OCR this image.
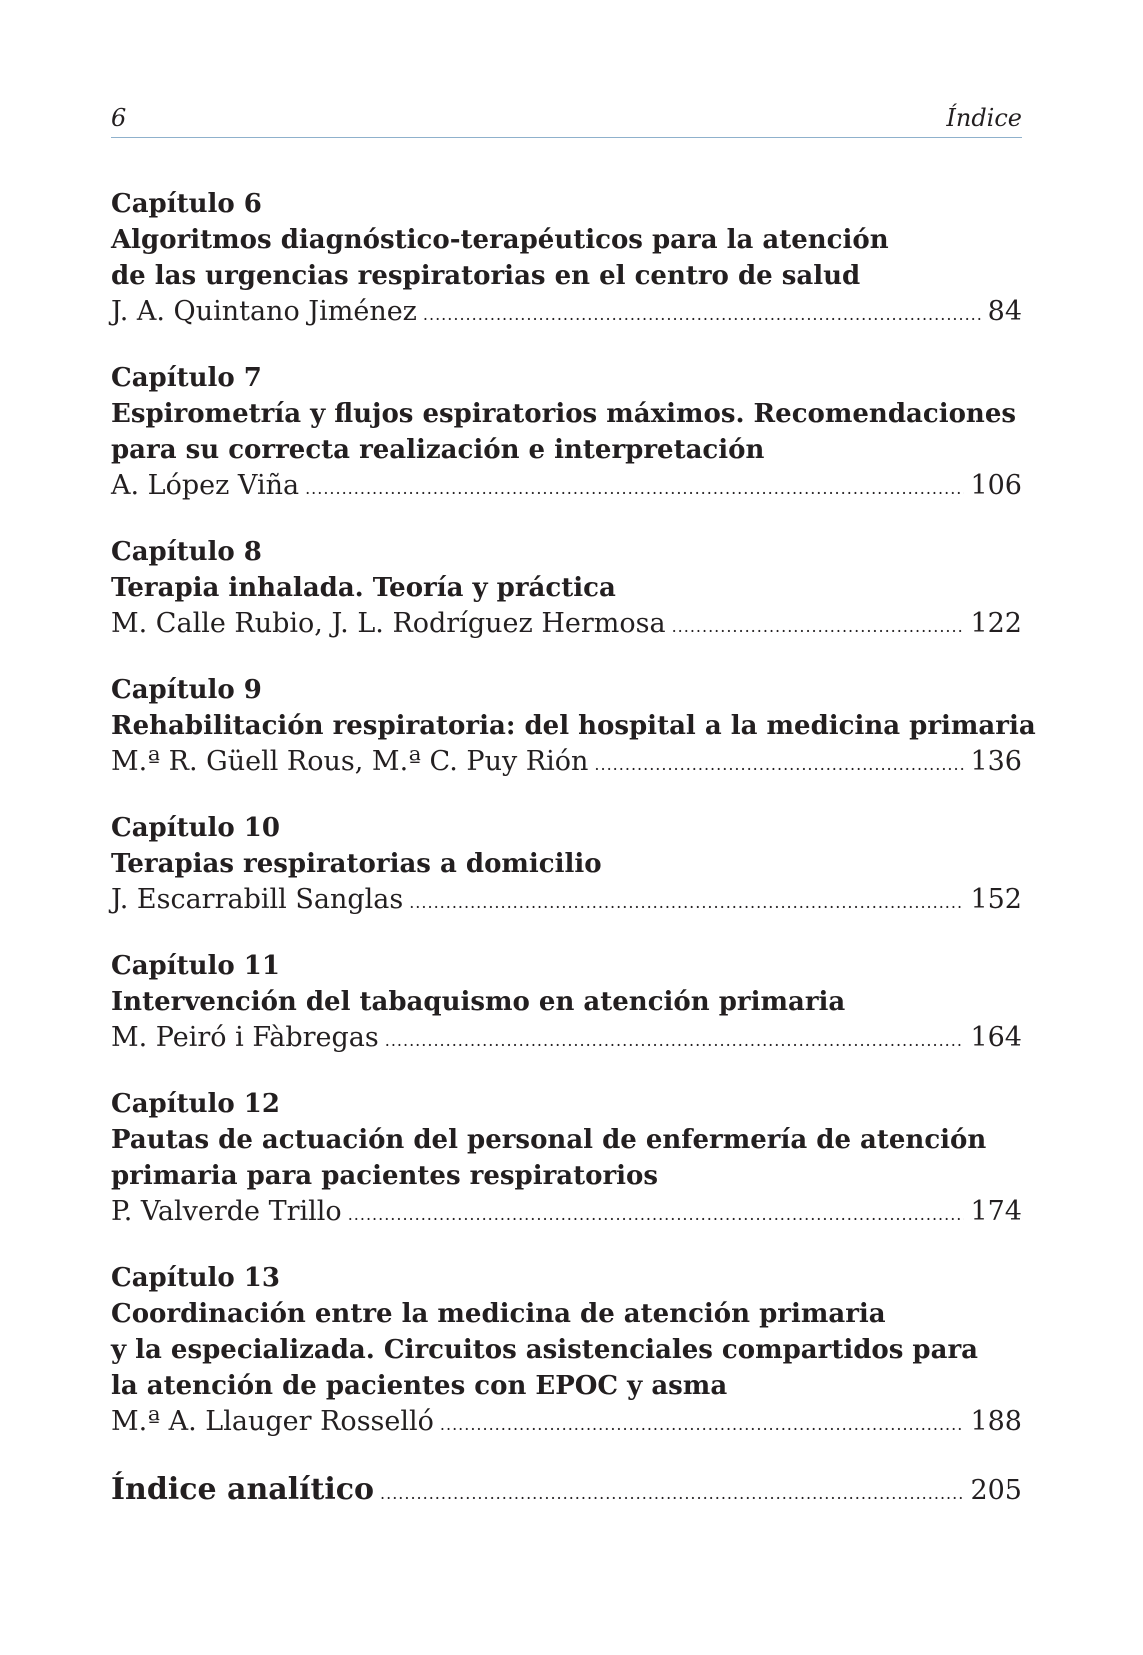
6	Índice
Capítulo 6
Algoritmos diagnóstico-terapéuticos para la atención
de las urgencias respiratorias en el centro de salud
J. A. Quintano Jiménez .....	84
Capítulo 7
Espirometría y flujos espiratorios máximos. Recomendaciones
para su correcta realización e interpretación
A. López Viña .....	106
Capítulo 8
Terapia inhalada. Teoría y práctica
M. Calle Rubio, J. L. Rodríguez Hermosa .....	122
Capítulo 9
Rehabilitación respiratoria: del hospital a la medicina primaria
M.ª R. Güell Rous, M.ª C. Puy Rión .....	136
Capítulo 10
Terapias respiratorias a domicilio
J. Escarrabill Sanglas .....	152
Capítulo 11
Intervención del tabaquismo en atención primaria
M. Peiró i Fàbregas .....	164
Capítulo 12
Pautas de actuación del personal de enfermería de atención
primaria para pacientes respiratorios
P. Valverde Trillo .....	174
Capítulo 13
Coordinación entre la medicina de atención primaria
y la especializada. Circuitos asistenciales compartidos para
la atención de pacientes con EPOC y asma
M.ª A. Llauger Rosselló .....	188
Índice analítico .....	205
